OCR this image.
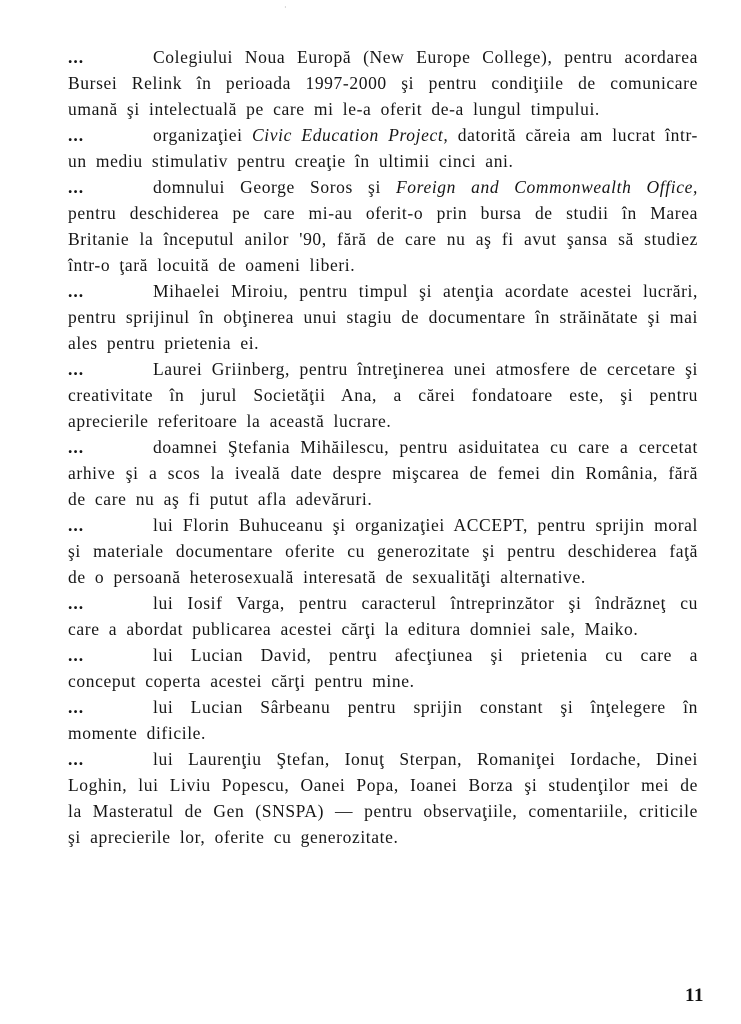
·

...	Colegiului Noua Europă (New Europe College), pentru acordarea Bursei Relink în perioada 1997-2000 şi pentru condiţiile de comunicare umană şi intelectuală pe care mi le-a oferit de-a lungul timpului.

...	organizaţiei Civic Education Project, datorită căreia am lucrat într-un mediu stimulativ pentru creaţie în ultimii cinci ani.

...	domnului George Soros şi Foreign and Commonwealth Office, pentru deschiderea pe care mi-au oferit-o prin bursa de studii în Marea Britanie la începutul anilor '90, fără de care nu aş fi avut şansa să studiez într-o ţară locuită de oameni liberi.

...	Mihaelei Miroiu, pentru timpul şi atenţia acordate acestei lucrări, pentru sprijinul în obţinerea unui stagiu de documentare în străinătate şi mai ales pentru prietenia ei.

...	Laurei Griinberg, pentru întreţinerea unei atmosfere de cercetare şi creativitate în jurul Societăţii Ana, a cărei fondatoare este, şi pentru aprecierile referitoare la această lucrare.

...	doamnei Ştefania Mihăilescu, pentru asiduitatea cu care a cercetat arhive şi a scos la iveală date despre mişcarea de femei din România, fără de care nu aş fi putut afla adevăruri.

...	lui Florin Buhuceanu şi organizaţiei ACCEPT, pentru sprijin moral şi materiale documentare oferite cu generozitate şi pentru deschiderea faţă de o persoană heterosexuală interesată de sexualităţi alternative.

...	lui Iosif Varga, pentru caracterul întreprinzător şi îndrăzneţ cu care a abordat publicarea acestei cărţi la editura domniei sale, Maiko.

...	lui Lucian David, pentru afecţiunea şi prietenia cu care a conceput coperta acestei cărţi pentru mine.

...	lui Lucian Sârbeanu pentru sprijin constant şi înţelegere în momente dificile.

...	lui Laurenţiu Ştefan, Ionuţ Sterpan, Romaniţei Iordache, Dinei Loghin, lui Liviu Popescu, Oanei Popa, Ioanei Borza şi studenţilor mei de la Masteratul de Gen (SNSPA) — pentru observaţiile, comentariile, criticile şi aprecierile lor, oferite cu generozitate.

11
